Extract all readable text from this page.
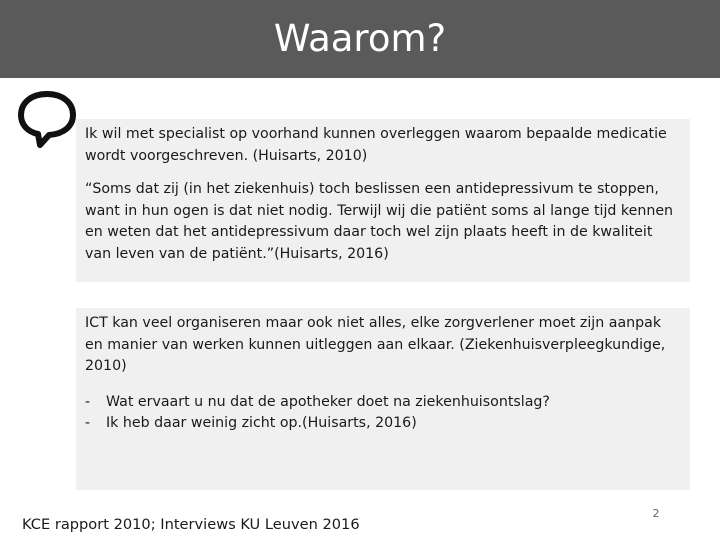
Waarom?

Ik wil met specialist op voorhand kunnen overleggen waarom bepaalde medicatie wordt voorgeschreven. (Huisarts, 2010)

“Soms dat zij (in het ziekenhuis) toch beslissen een antidepressivum te stoppen, want in hun ogen is dat niet nodig. Terwijl wij die patiënt soms al lange tijd kennen en weten dat het antidepressivum daar toch wel zijn plaats heeft in de kwaliteit van leven van de patiënt.”(Huisarts, 2016)

ICT kan veel organiseren maar ook niet alles, elke zorgverlener moet zijn aanpak en manier van werken kunnen uitleggen aan elkaar. (Ziekenhuisverpleegkundige, 2010)

- Wat ervaart u nu dat de apotheker doet na ziekenhuisontslag?
- Ik heb daar weinig zicht op.(Huisarts, 2016)
KCE rapport 2010; Interviews KU Leuven 2016
2
